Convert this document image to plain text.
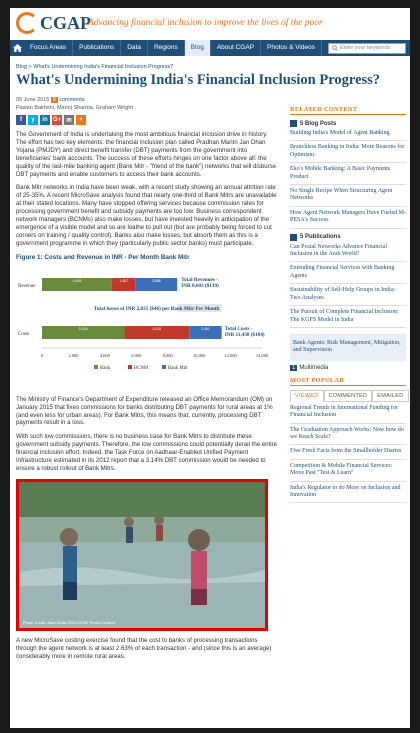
CGAP
Advancing financial inclusion to improve the lives of the poor
Focus Areas	Publications	Data	Regions	Blog	About CGAP	Photos & Videos	Enter your keywords
Blog > What's Undermining India's Financial Inclusion Progress?
What's Undermining India's Financial Inclusion Progress?
05 June 2015 8 comments
Pawan Bakhshi, Manoj Sharma, Graham Wright
f	y	in G+ ✉	+

The Government of India is undertaking the most ambitious financial inclusion drive in history. The effort has two key elements: the financial inclusion plan called Pradhan Mantri Jan Dhan Yojana (PMJDY) and direct benefit transfer (DBT) payments from the government into beneficiaries' bank accounts. The success of these efforts hinges on one factor above all: the quality of the last-mile banking agent (Bank Mitr - "friend of the bank") networks that will disburse DBT payments and enable customers to access their bank accounts.

Bank Mitr networks in India have been weak, with a recent study showing an annual attrition rate of 25-35%. A recent MicroSave analysis found that nearly one-third of Bank Mitrs are unavailable at their stated locations. Many have stopped offering services because commission rates for processing government benefit and subsidy payments are too low. Business correspondent network managers (BCNMs) also make losses, but have invested heavily in anticipation of the emergence of a visible model and so are loathe to pull out (but are probably being forced to cut corners on training / quality control). Banks also make losses, but absorb them as this is a government programme in which they (particularly public sector banks) must participate.

Figure 1: Costs and Revenue in INR - Per Month Bank Mitr
Revenue
4,448	1,487	2,668
Costs
5,254	4,116	2,061
Total Revenues -INR 8,603 ($139)
Total losses of INR 2,835 ($46) per Bank Mitr Per Month
Total Costs -INR 11,438 ($184)
0	2,000	4,000	6,000	8,000	10,000	12,000	14,000
Bank	BCNM	Bank Mitr

The Ministry of Finance's Department of Expenditure released an Office Memorandum (OM) on January 2015 that fixes commissions for banks distributing DBT payments for rural areas at 1% (and even less for urban areas). For Bank Mitrs, this means that, currently, processing DBT payments result in a loss.

With such low commissions, there is no business case for Bank Mitrs to distribute these government subsidy payments. Therefore, the low commissions could potentially derail the entire financial inclusion effort. Indeed, the Task Force on Aadhaar-Enabled Unified Payment Infrastructure estimated in its 2012 report that a 3.14% DBT commission would be needed to ensure a robust rollout of Bank Mitrs.

Photo Credit: Arka Dutta 2014 CGAP Photo Contest

A new MicroSave costing exercise found that the cost to banks of processing transactions through the agent network is at least 2.63% of each transaction - and (since this is an average) considerably more in remote rural areas.

RELATED CONTENT
5 Blog Posts
Building India's Model of Agent Banking
Branchless Banking in India: More Reasons for Optimism
Eko's Mobile Banking: A Basic Payments Product
No Single Recipe When Structuring Agent Networks
How Agent Network Managers Have Fueled M-PESA's Success
5 Publications
Can Postal Networks Advance Financial Inclusion in the Arab World?
Extending Financial Services with Banking Agents
Sustainability of Self-Help Groups in India: Two Analyses
The Pursuit of Complete Financial Inclusion: The KGFS Model in India
Bank Agents: Risk Management, Mitigation, and Supervision
1 Multimedia
MOST POPULAR
VIEWED	COMMENTED	EMAILED
Regional Trends in International Funding for Financial Inclusion
The Graduation Approach Works: Now how do we Reach Scale?
Five Fresh Facts from the Smallholder Diaries
Competition & Mobile Financial Services: Move Past "Test & Learn"
India's Regulator to do More on Inclusion and Innovation
